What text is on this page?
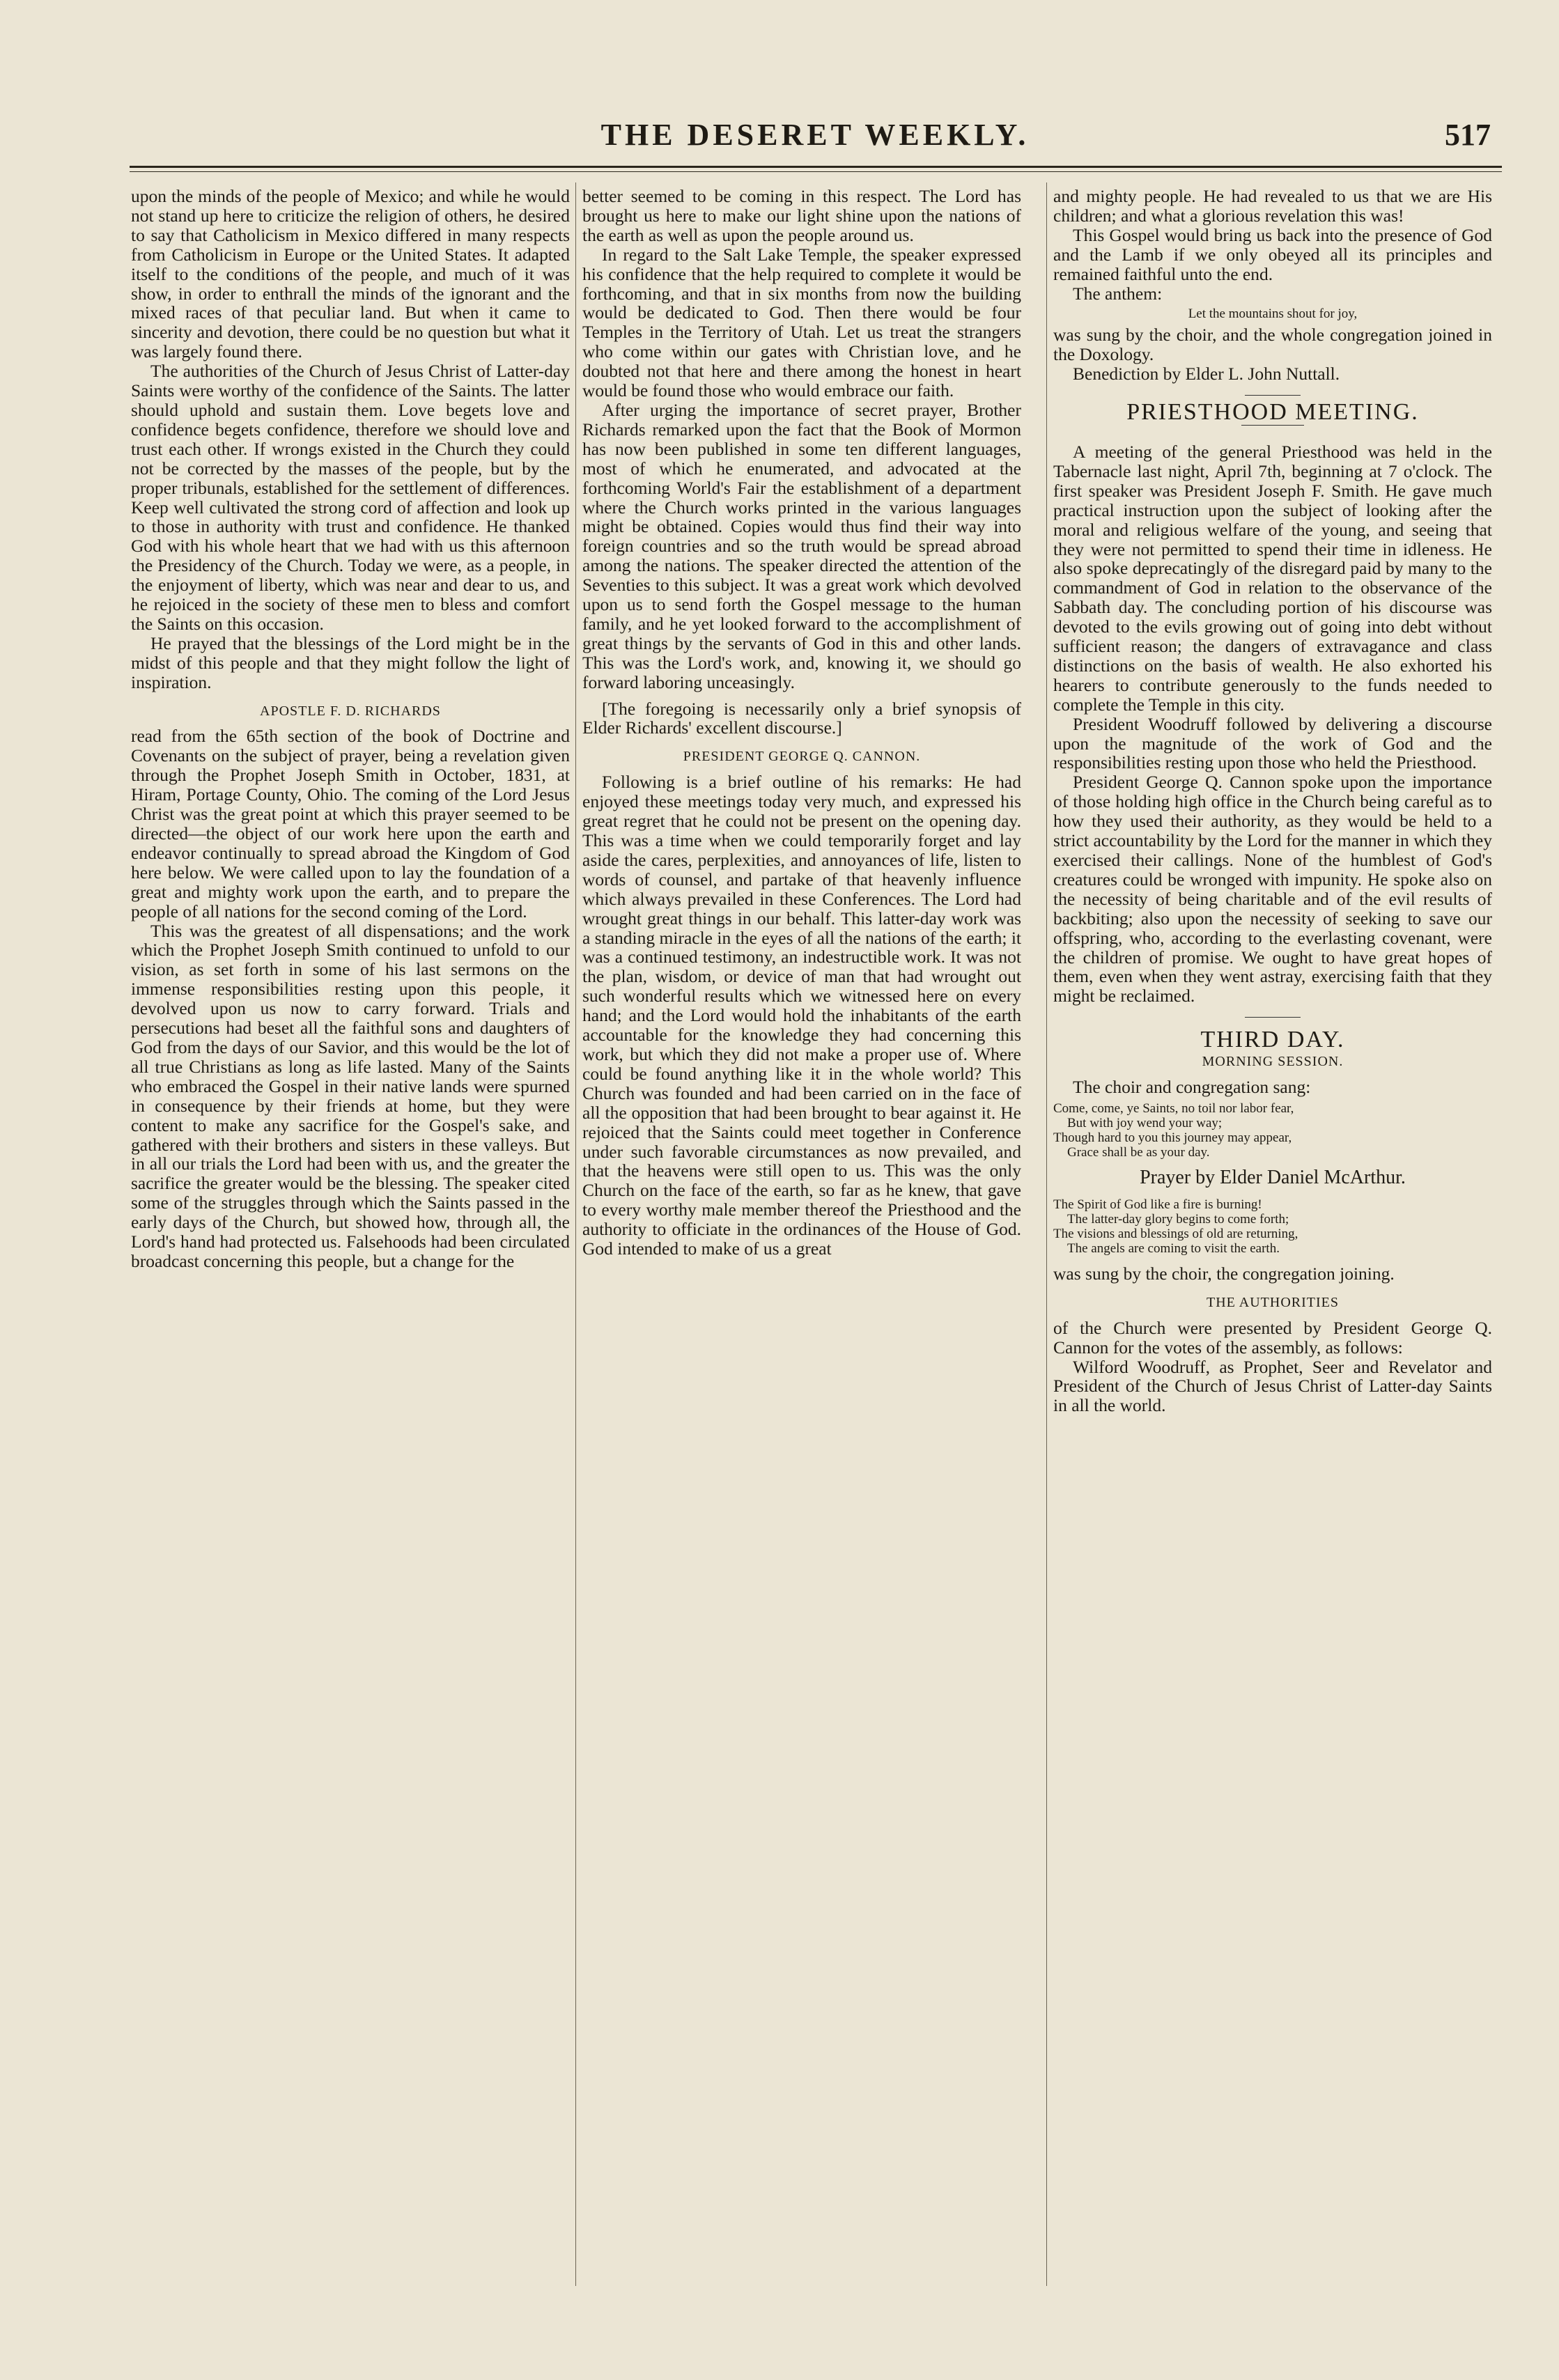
THE DESERET WEEKLY.	517

upon the minds of the people of Mexico; and while he would not stand up here to criticize the religion of others, he desired to say that Catholicism in Mexico differed in many respects from Catholicism in Europe or the United States. It adapted itself to the conditions of the people, and much of it was show, in order to enthrall the minds of the ignorant and the mixed races of that peculiar land. But when it came to sincerity and devotion, there could be no question but what it was largely found there.

The authorities of the Church of Jesus Christ of Latter-day Saints were worthy of the confidence of the Saints. The latter should uphold and sustain them. Love begets love and confidence begets confidence, therefore we should love and trust each other. If wrongs existed in the Church they could not be corrected by the masses of the people, but by the proper tribunals, established for the settlement of differences. Keep well cultivated the strong cord of affection and look up to those in authority with trust and confidence. He thanked God with his whole heart that we had with us this afternoon the Presidency of the Church. Today we were, as a people, in the enjoyment of liberty, which was near and dear to us, and he rejoiced in the society of these men to bless and comfort the Saints on this occasion.

He prayed that the blessings of the Lord might be in the midst of this people and that they might follow the light of inspiration.

APOSTLE F. D. RICHARDS

read from the 65th section of the book of Doctrine and Covenants on the subject of prayer, being a revelation given through the Prophet Joseph Smith in October, 1831, at Hiram, Portage County, Ohio. The coming of the Lord Jesus Christ was the great point at which this prayer seemed to be directed—the object of our work here upon the earth and endeavor continually to spread abroad the Kingdom of God here below. We were called upon to lay the foundation of a great and mighty work upon the earth, and to prepare the people of all nations for the second coming of the Lord.

This was the greatest of all dispensations; and the work which the Prophet Joseph Smith continued to unfold to our vision, as set forth in some of his last sermons on the immense responsibilities resting upon this people, it devolved upon us now to carry forward. Trials and persecutions had beset all the faithful sons and daughters of God from the days of our Savior, and this would be the lot of all true Christians as long as life lasted. Many of the Saints who embraced the Gospel in their native lands were spurned in consequence by their friends at home, but they were content to make any sacrifice for the Gospel's sake, and gathered with their brothers and sisters in these valleys. But in all our trials the Lord had been with us, and the greater the sacrifice the greater would be the blessing. The speaker cited some of the struggles through which the Saints passed in the early days of the Church, but showed how, through all, the Lord's hand had protected us. Falsehoods had been circulated broadcast concerning this people, but a change for the

better seemed to be coming in this respect. The Lord has brought us here to make our light shine upon the nations of the earth as well as upon the people around us.

In regard to the Salt Lake Temple, the speaker expressed his confidence that the help required to complete it would be forthcoming, and that in six months from now the building would be dedicated to God. Then there would be four Temples in the Territory of Utah. Let us treat the strangers who come within our gates with Christian love, and he doubted not that here and there among the honest in heart would be found those who would embrace our faith.

After urging the importance of secret prayer, Brother Richards remarked upon the fact that the Book of Mormon has now been published in some ten different languages, most of which he enumerated, and advocated at the forthcoming World's Fair the establishment of a department where the Church works printed in the various languages might be obtained. Copies would thus find their way into foreign countries and so the truth would be spread abroad among the nations. The speaker directed the attention of the Seventies to this subject. It was a great work which devolved upon us to send forth the Gospel message to the human family, and he yet looked forward to the accomplishment of great things by the servants of God in this and other lands. This was the Lord's work, and, knowing it, we should go forward laboring unceasingly.

[The foregoing is necessarily only a brief synopsis of Elder Richards' excellent discourse.]

PRESIDENT GEORGE Q. CANNON.

Following is a brief outline of his remarks: He had enjoyed these meetings today very much, and expressed his great regret that he could not be present on the opening day. This was a time when we could temporarily forget and lay aside the cares, perplexities, and annoyances of life, listen to words of counsel, and partake of that heavenly influence which always prevailed in these Conferences. The Lord had wrought great things in our behalf. This latter-day work was a standing miracle in the eyes of all the nations of the earth; it was a continued testimony, an indestructible work. It was not the plan, wisdom, or device of man that had wrought out such wonderful results which we witnessed here on every hand; and the Lord would hold the inhabitants of the earth accountable for the knowledge they had concerning this work, but which they did not make a proper use of. Where could be found anything like it in the whole world? This Church was founded and had been carried on in the face of all the opposition that had been brought to bear against it. He rejoiced that the Saints could meet together in Conference under such favorable circumstances as now prevailed, and that the heavens were still open to us. This was the only Church on the face of the earth, so far as he knew, that gave to every worthy male member thereof the Priesthood and the authority to officiate in the ordinances of the House of God. God intended to make of us a great

and mighty people. He had revealed to us that we are His children; and what a glorious revelation this was!

This Gospel would bring us back into the presence of God and the Lamb if we only obeyed all its principles and remained faithful unto the end.

The anthem:

Let the mountains shout for joy,

was sung by the choir, and the whole congregation joined in the Doxology.

Benediction by Elder L. John Nuttall.

PRIESTHOOD MEETING.

A meeting of the general Priesthood was held in the Tabernacle last night, April 7th, beginning at 7 o'clock. The first speaker was President Joseph F. Smith. He gave much practical instruction upon the subject of looking after the moral and religious welfare of the young, and seeing that they were not permitted to spend their time in idleness. He also spoke deprecatingly of the disregard paid by many to the commandment of God in relation to the observance of the Sabbath day. The concluding portion of his discourse was devoted to the evils growing out of going into debt without sufficient reason; the dangers of extravagance and class distinctions on the basis of wealth. He also exhorted his hearers to contribute generously to the funds needed to complete the Temple in this city.

President Woodruff followed by delivering a discourse upon the magnitude of the work of God and the responsibilities resting upon those who held the Priesthood.

President George Q. Cannon spoke upon the importance of those holding high office in the Church being careful as to how they used their authority, as they would be held to a strict accountability by the Lord for the manner in which they exercised their callings. None of the humblest of God's creatures could be wronged with impunity. He spoke also on the necessity of being charitable and of the evil results of backbiting; also upon the necessity of seeking to save our offspring, who, according to the everlasting covenant, were the children of promise. We ought to have great hopes of them, even when they went astray, exercising faith that they might be reclaimed.

THIRD DAY.

MORNING SESSION.

The choir and congregation sang:

Come, come, ye Saints, no toil nor labor fear,
But with joy wend your way;
Though hard to you this journey may appear,
Grace shall be as your day.

Prayer by Elder Daniel McArthur.

The Spirit of God like a fire is burning!
The latter-day glory begins to come forth;
The visions and blessings of old are returning,
The angels are coming to visit the earth.

was sung by the choir, the congregation joining.

THE AUTHORITIES

of the Church were presented by President George Q. Cannon for the votes of the assembly, as follows:

Wilford Woodruff, as Prophet, Seer and Revelator and President of the Church of Jesus Christ of Latter-day Saints in all the world.
